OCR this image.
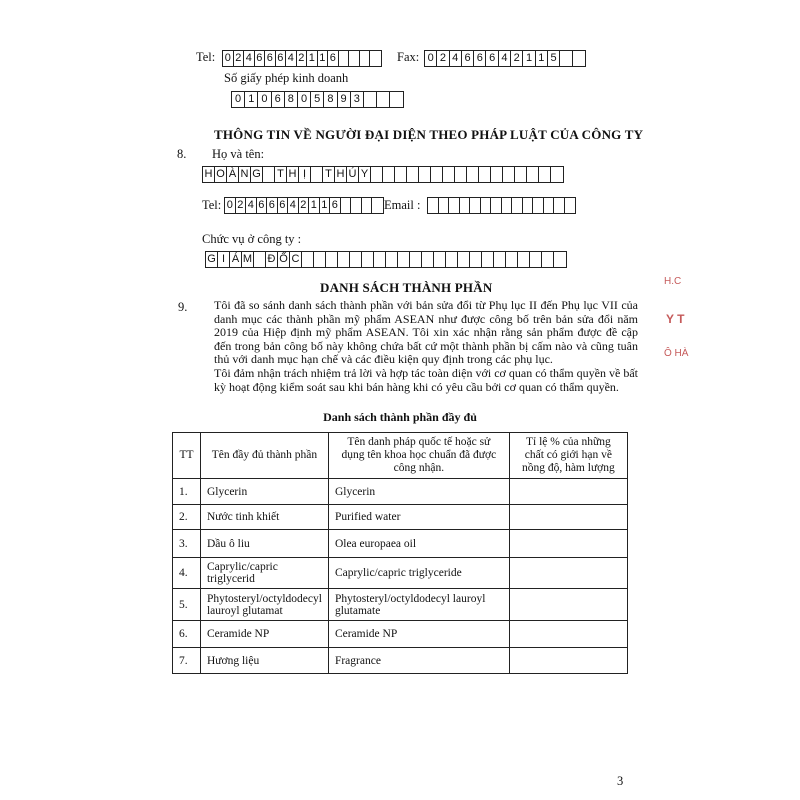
Tel: 0 2 4 6 6 6 4 2 1 1 6	Fax: 0 2 4 6 6 6 4 2 1 1 5
Số giấy phép kinh doanh
0 1 0 6 8 0 5 8 9 3
THÔNG TIN VỀ NGƯỜI ĐẠI DIỆN THEO PHÁP LUẬT CỦA CÔNG TY
8. Họ và tên:
H O À N G T H Ị	T H Ú Y
Tel: 0 2 4 6 6 6 4 2 1 1 6	Email :
Chức vụ ở công ty :
G I Á M Đ Ố C
DANH SÁCH THÀNH PHẦN
9. Tôi đã so sánh danh sách thành phần với bản sửa đổi từ Phụ lục II đến Phụ lục VII của danh mục các thành phần mỹ phẩm ASEAN như được công bố trên bản sửa đổi năm 2019 của Hiệp định mỹ phẩm ASEAN. Tôi xin xác nhận rằng sản phẩm được đề cập đến trong bản công bố này không chứa bất cứ một thành phần bị cấm nào và cũng tuân thủ với danh mục hạn chế và các điều kiện quy định trong các phụ lục.
Tôi đảm nhận trách nhiệm trả lời và hợp tác toàn diện với cơ quan có thẩm quyền về bất kỳ hoạt động kiểm soát sau khi bán hàng khi có yêu cầu bởi cơ quan có thẩm quyền.
Danh sách thành phần đầy đủ
TT	Tên đầy đủ thành phần	Tên danh pháp quốc tế hoặc sử dụng tên khoa học chuẩn đã được công nhận.	Tỉ lệ % của những chất có giới hạn về nồng độ, hàm lượng
1.	Glycerin	Glycerin	
2.	Nước tinh khiết	Purified water	
3.	Dầu ô liu	Olea europaea oil	
4.	Caprylic/capric triglycerid	Caprylic/capric triglyceride	
5.	Phytosteryl/octyldodecyl lauroyl glutamat	Phytosteryl/octyldodecyl lauroyl glutamate	
6.	Ceramide NP	Ceramide NP	
7.	Hương liệu	Fragrance	
H.C
Y T
Ô HÀ
3
